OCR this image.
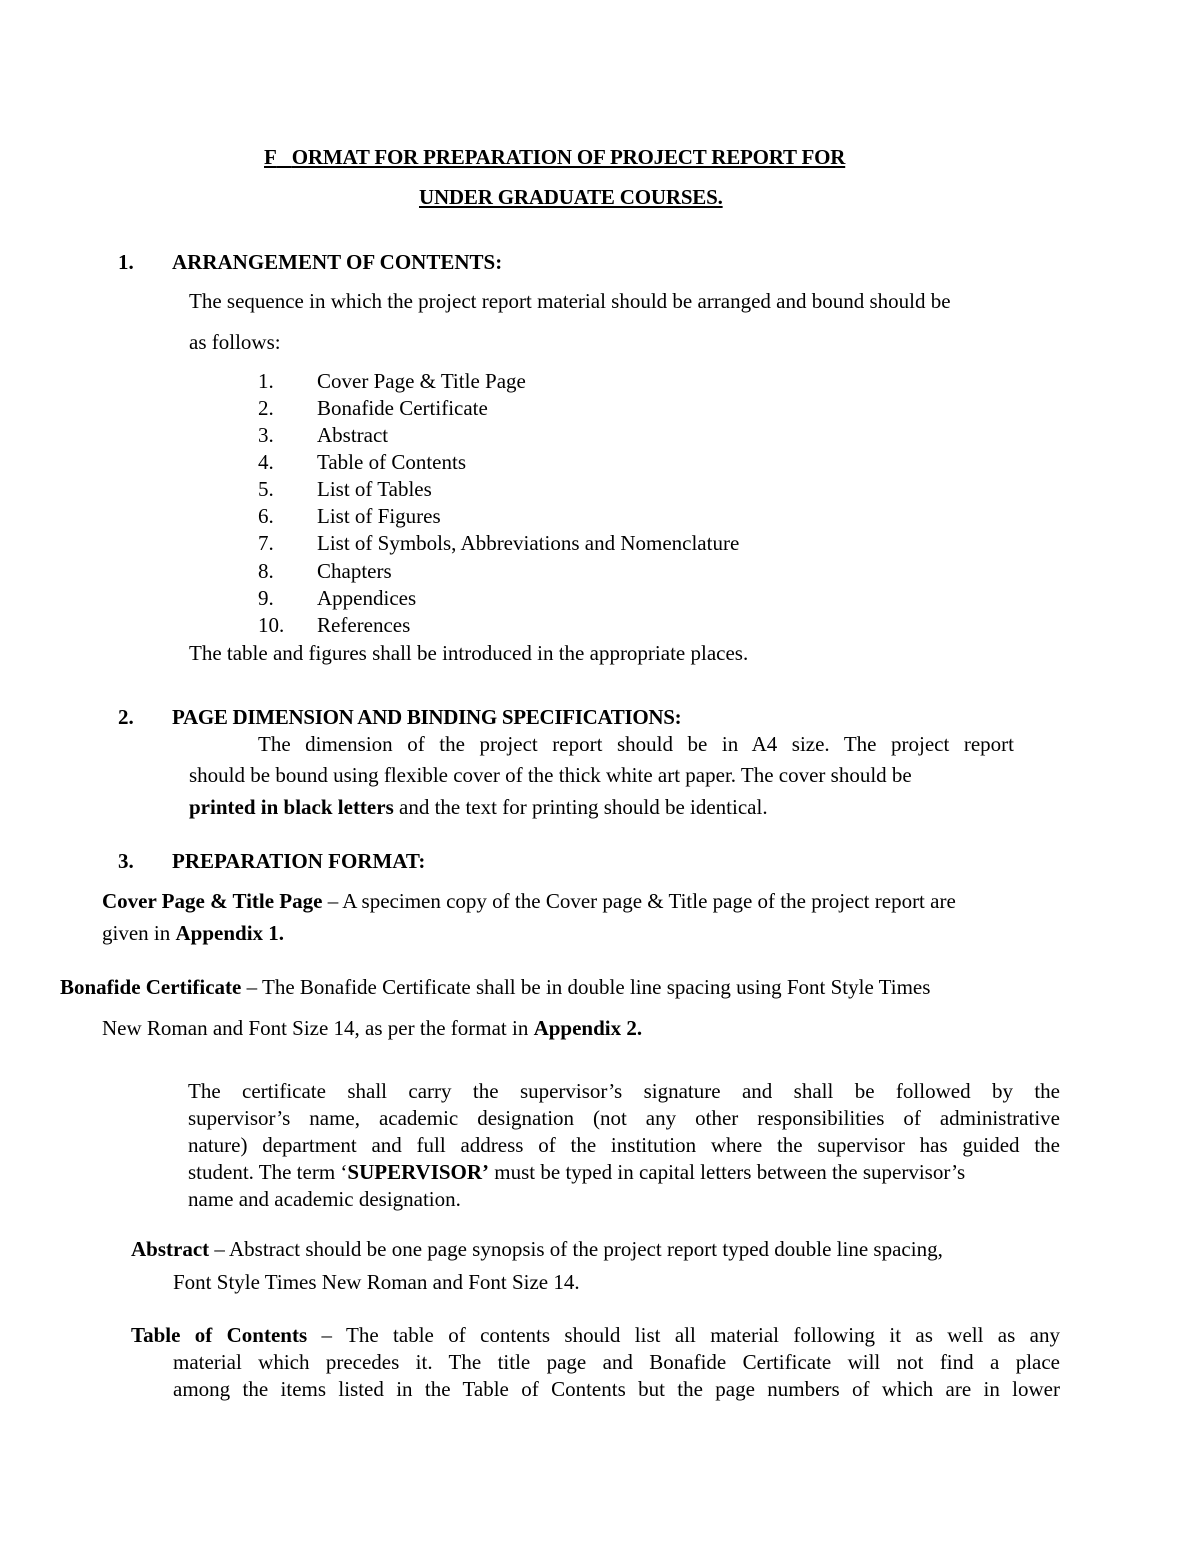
F ORMAT FOR PREPARATION OF PROJECT REPORT FOR
UNDER GRADUATE COURSES.
1. ARRANGEMENT OF CONTENTS:
The sequence in which the project report material should be arranged and bound should be
as follows:
1. Cover Page & Title Page
2. Bonafide Certificate
3. Abstract
4. Table of Contents
5. List of Tables
6. List of Figures
7. List of Symbols, Abbreviations and Nomenclature
8. Chapters
9. Appendices
10. References
The table and figures shall be introduced in the appropriate places.
2. PAGE DIMENSION AND BINDING SPECIFICATIONS:
The dimension of the project report should be in A4 size. The project report
should be bound using flexible cover of the thick white art paper. The cover should be
printed in black letters and the text for printing should be identical.
3. PREPARATION FORMAT:
Cover Page & Title Page – A specimen copy of the Cover page & Title page of the project report are
given in Appendix 1.
Bonafide Certificate – The Bonafide Certificate shall be in double line spacing using Font Style Times
New Roman and Font Size 14, as per the format in Appendix 2.
The certificate shall carry the supervisor’s signature and shall be followed by the
supervisor’s name, academic designation (not any other responsibilities of administrative
nature) department and full address of the institution where the supervisor has guided the
student. The term ‘SUPERVISOR’ must be typed in capital letters between the supervisor’s
name and academic designation.
Abstract – Abstract should be one page synopsis of the project report typed double line spacing,
Font Style Times New Roman and Font Size 14.
Table of Contents – The table of contents should list all material following it as well as any
material which precedes it. The title page and Bonafide Certificate will not find a place
among the items listed in the Table of Contents but the page numbers of which are in lower
